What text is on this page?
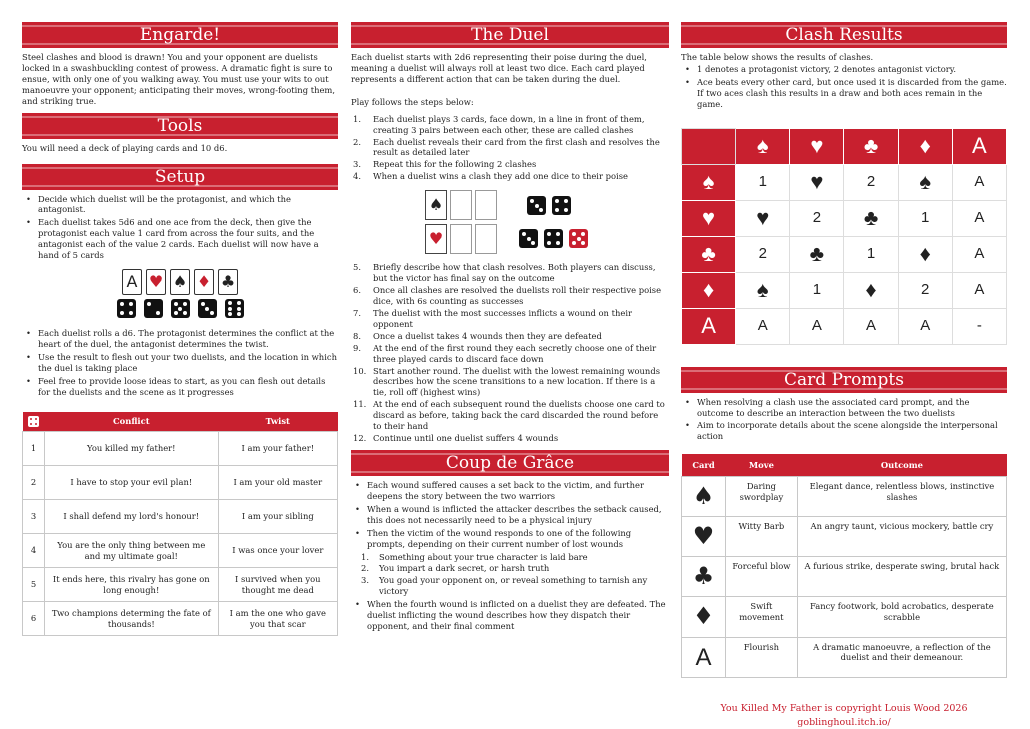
Engarde!

Steel clashes and blood is drawn! You and your opponent are duelists locked in a swashbuckling contest of prowess. A dramatic fight is sure to ensue, with only one of you walking away. You must use your wits to out manoeuvre your opponent; anticipating their moves, wrong-footing them, and striking true.

Tools

You will need a deck of playing cards and 10 d6.

Setup
• Decide which duelist will be the protagonist, and which the antagonist.
• Each duelist takes 5d6 and one ace from the deck, then give the protagonist each value 1 card from across the four suits, and the antagonist each of the value 2 cards. Each duelist will now have a hand of 5 cards
A ♥ ♠ ♦ ♣
• Each duelist rolls a d6. The protagonist determines the conflict at the heart of the duel, the antagonist determines the twist.
• Use the result to flesh out your two duelists, and the location in which the duel is taking place
• Feel free to provide loose ideas to start, as you can flesh out details for the duelists and the scene as it progresses
	Conflict	Twist
1	You killed my father!	I am your father!
2	I have to stop your evil plan!	I am your old master
3	I shall defend my lord's honour!	I am your sibling
4	You are the only thing between me and my ultimate goal!	I was once your lover
5	It ends here, this rivalry has gone on long enough!	I survived when you thought me dead
6	Two champions determing the fate of thousands!	I am the one who gave you that scar
The Duel

Each duelist starts with 2d6 representing their poise during the duel, meaning a duelist will always roll at least two dice. Each card played represents a different action that can be taken during the duel.

Play follows the steps below:

1. Each duelist plays 3 cards, face down, in a line in front of them, creating 3 pairs between each other, these are called clashes
2. Each duelist reveals their card from the first clash and resolves the result as detailed later
3. Repeat this for the following 2 clashes
4. When a duelist wins a clash they add one dice to their poise
♠
♥
5. Briefly describe how that clash resolves. Both players can discuss, but the victor has final say on the outcome
6. Once all clashes are resolved the duelists roll their respective poise dice, with 6s counting as successes
7. The duelist with the most successes inflicts a wound on their opponent
8. Once a duelist takes 4 wounds then they are defeated
9. At the end of the first round they each secretly choose one of their three played cards to discard face down
10. Start another round. The duelist with the lowest remaining wounds describes how the scene transitions to a new location. If there is a tie, roll off (highest wins)
11. At the end of each subsequent round the duelists choose one card to discard as before, taking back the card discarded the round before to their hand
12. Continue until one duelist suffers 4 wounds
Coup de Grâce
• Each wound suffered causes a set back to the victim, and further deepens the story between the two warriors
• When a wound is inflicted the attacker describes the setback caused, this does not necessarily need to be a physical injury
• Then the victim of the wound responds to one of the following prompts, depending on their current number of lost wounds
1. Something about your true character is laid bare
2. You impart a dark secret, or harsh truth
3. You goad your opponent on, or reveal something to tarnish any victory
• When the fourth wound is inflicted on a duelist they are defeated. The duelist inflicting the wound describes how they dispatch their opponent, and their final comment
Clash Results

The table below shows the results of clashes.

• 1 denotes a protagonist victory, 2 denotes antagonist victory.
• Ace beats every other card, but once used it is discarded from the game. If two aces clash this results in a draw and both aces remain in the game.
	♠	♥	♣	♦	A
♠	1	♥	2	♠	A
♥	♥	2	♣	1	A
♣	2	♣	1	♦	A
♦	♠	1	♦	2	A
A	A	A	A	A	-
Card Prompts
• When resolving a clash use the associated card prompt, and the outcome to describe an interaction between the two duelists
• Aim to incorporate details about the scene alongside the interpersonal action
Card	Move	Outcome
♠	Daring swordplay	Elegant dance, relentless blows, instinctive slashes
♥	Witty Barb	An angry taunt, vicious mockery, battle cry
♣	Forceful blow	A furious strike, desperate swing, brutal hack
♦	Swift movement	Fancy footwork, bold acrobatics, desperate scrabble
A	Flourish	A dramatic manoeuvre, a reflection of the duelist and their demeanour.
You Killed My Father is copyright Louis Wood 2026
goblinghoul.itch.io/
